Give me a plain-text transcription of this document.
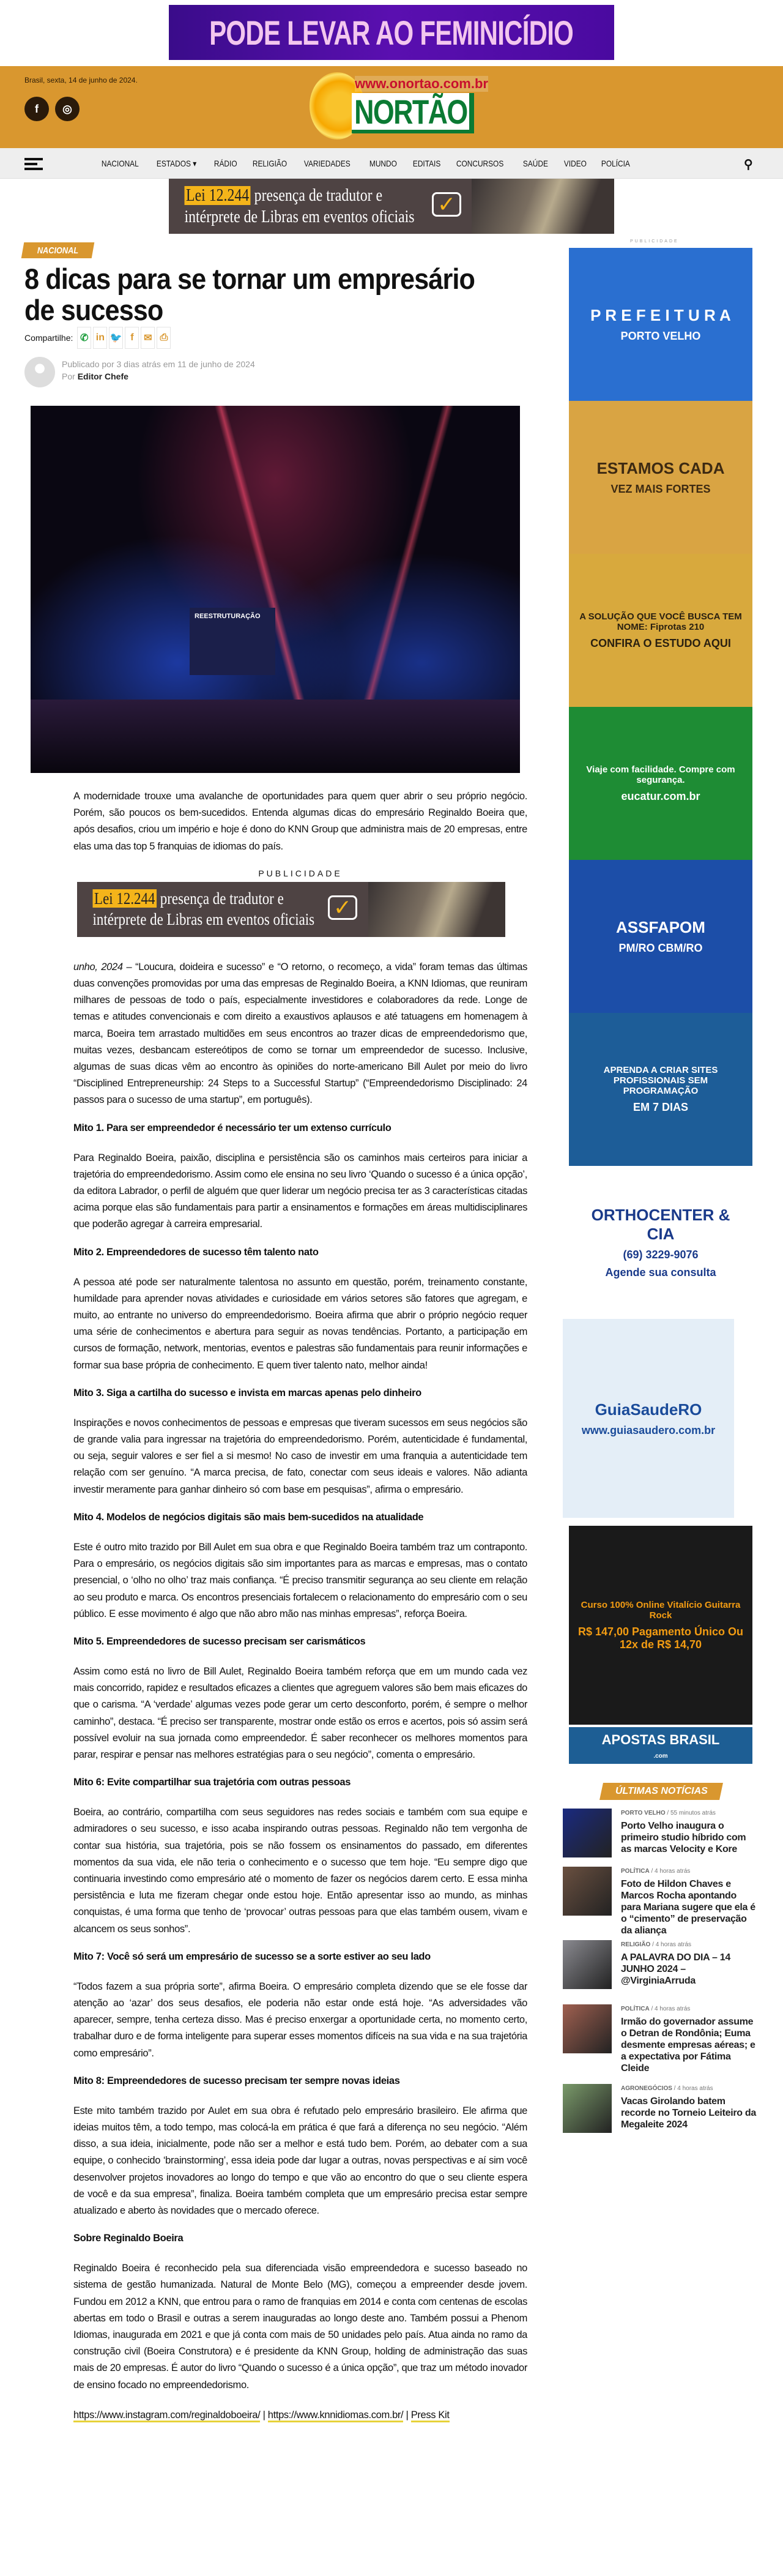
PODE LEVAR AO FEMINICÍDIO
Brasil, sexta, 14 de junho de 2024.
f	◎	NORTÃO
www.onortao.com.br
NACIONAL	ESTADOS ▾	RÁDIO	RELIGIÃO	VARIEDADES	MUNDO	EDITAIS	CONCURSOS	SAÚDE	VIDEO	POLÍCIA	⚲
Lei 12.244 presença de tradutor e
intérprete de Libras em eventos oficiais
✓
NACIONAL
8 dicas para se tornar um empresário de sucesso
Compartilhe: ✆ in 🐦 f	✉ ⎙
Publicado por 3 dias atrás em 11 de junho de 2024
Por Editor Chefe
REESTRUTURAÇÃO

A modernidade trouxe uma avalanche de oportunidades para quem quer abrir o seu próprio negócio. Porém, são poucos os bem-sucedidos. Entenda algumas dicas do empresário Reginaldo Boeira que, após desafios, criou um império e hoje é dono do KNN Group que administra mais de 20 empresas, entre elas uma das top 5 franquias de idiomas do país.

PUBLICIDADE
Lei 12.244 presença de tradutor e
intérprete de Libras em eventos oficiais ✓

unho, 2024 – “Loucura, doideira e sucesso” e “O retorno, o recomeço, a vida” foram temas das últimas duas convenções promovidas por uma das empresas de Reginaldo Boeira, a KNN Idiomas, que reuniram milhares de pessoas de todo o país, especialmente investidores e colaboradores da rede. Longe de temas e atitudes convencionais e com direito a exaustivos aplausos e até tatuagens em homenagem à marca, Boeira tem arrastado multidões em seus encontros ao trazer dicas de empreendedorismo que, muitas vezes, desbancam estereótipos de como se tornar um empreendedor de sucesso. Inclusive, algumas de suas dicas vêm ao encontro às opiniões do norte-americano Bill Aulet por meio do livro “Disciplined Entrepreneurship: 24 Steps to a Successful Startup” (“Empreendedorismo Disciplinado: 24 passos para o sucesso de uma startup”, em português).

Mito 1. Para ser empreendedor é necessário ter um extenso currículo

Para Reginaldo Boeira, paixão, disciplina e persistência são os caminhos mais certeiros para iniciar a trajetória do empreendedorismo. Assim como ele ensina no seu livro ‘Quando o sucesso é a única opção’, da editora Labrador, o perfil de alguém que quer liderar um negócio precisa ter as 3 características citadas acima porque elas são fundamentais para partir a ensinamentos e formações em áreas multidisciplinares que poderão agregar à carreira empresarial.

Mito 2. Empreendedores de sucesso têm talento nato

A pessoa até pode ser naturalmente talentosa no assunto em questão, porém, treinamento constante, humildade para aprender novas atividades e curiosidade em vários setores são fatores que agregam, e muito, ao entrante no universo do empreendedorismo. Boeira afirma que abrir o próprio negócio requer uma série de conhecimentos e abertura para seguir as novas tendências. Portanto, a participação em cursos de formação, network, mentorias, eventos e palestras são fundamentais para reunir informações e formar sua base própria de conhecimento. E quem tiver talento nato, melhor ainda!

Mito 3. Siga a cartilha do sucesso e invista em marcas apenas pelo dinheiro

Inspirações e novos conhecimentos de pessoas e empresas que tiveram sucessos em seus negócios são de grande valia para ingressar na trajetória do empreendedorismo. Porém, autenticidade é fundamental, ou seja, seguir valores e ser fiel a si mesmo! No caso de investir em uma franquia a autenticidade tem relação com ser genuíno. “A marca precisa, de fato, conectar com seus ideais e valores. Não adianta investir meramente para ganhar dinheiro só com base em pesquisas”, afirma o empresário.

Mito 4. Modelos de negócios digitais são mais bem-sucedidos na atualidade

Este é outro mito trazido por Bill Aulet em sua obra e que Reginaldo Boeira também traz um contraponto. Para o empresário, os negócios digitais são sim importantes para as marcas e empresas, mas o contato presencial, o ‘olho no olho’ traz mais confiança. “É preciso transmitir segurança ao seu cliente em relação ao seu produto e marca. Os encontros presenciais fortalecem o relacionamento do empresário com o seu público. E esse movimento é algo que não abro mão nas minhas empresas”, reforça Boeira.

Mito 5. Empreendedores de sucesso precisam ser carismáticos

Assim como está no livro de Bill Aulet, Reginaldo Boeira também reforça que em um mundo cada vez mais concorrido, rapidez e resultados eficazes a clientes que agreguem valores são bem mais eficazes do que o carisma. “A ‘verdade’ algumas vezes pode gerar um certo desconforto, porém, é sempre o melhor caminho”, destaca. “É preciso ser transparente, mostrar onde estão os erros e acertos, pois só assim será possível evoluir na sua jornada como empreendedor. É saber reconhecer os melhores momentos para parar, respirar e pensar nas melhores estratégias para o seu negócio”, comenta o empresário.

Mito 6: Evite compartilhar sua trajetória com outras pessoas

Boeira, ao contrário, compartilha com seus seguidores nas redes sociais e também com sua equipe e admiradores o seu sucesso, e isso acaba inspirando outras pessoas. Reginaldo não tem vergonha de contar sua história, sua trajetória, pois se não fossem os ensinamentos do passado, em diferentes momentos da sua vida, ele não teria o conhecimento e o sucesso que tem hoje. “Eu sempre digo que continuaria investindo como empresário até o momento de fazer os negócios darem certo. E essa minha persistência e luta me fizeram chegar onde estou hoje. Então apresentar isso ao mundo, as minhas conquistas, é uma forma que tenho de ‘provocar’ outras pessoas para que elas também ousem, vivam e alcancem os seus sonhos”.

Mito 7: Você só será um empresário de sucesso se a sorte estiver ao seu lado

“Todos fazem a sua própria sorte”, afirma Boeira. O empresário completa dizendo que se ele fosse dar atenção ao ‘azar’ dos seus desafios, ele poderia não estar onde está hoje. “As adversidades vão aparecer, sempre, tenha certeza disso. Mas é preciso enxergar a oportunidade certa, no momento certo, trabalhar duro e de forma inteligente para superar esses momentos difíceis na sua vida e na sua trajetória como empresário”.

Mito 8: Empreendedores de sucesso precisam ter sempre novas ideias

Este mito também trazido por Aulet em sua obra é refutado pelo empresário brasileiro. Ele afirma que ideias muitos têm, a todo tempo, mas colocá-la em prática é que fará a diferença no seu negócio. “Além disso, a sua ideia, inicialmente, pode não ser a melhor e está tudo bem. Porém, ao debater com a sua equipe, o conhecido ‘brainstorming’, essa ideia pode dar lugar a outras, novas perspectivas e aí sim você desenvolver projetos inovadores ao longo do tempo e que vão ao encontro do que o seu cliente espera de você e da sua empresa”, finaliza. Boeira também completa que um empresário precisa estar sempre atualizado e aberto às novidades que o mercado oferece.

Sobre Reginaldo Boeira

Reginaldo Boeira é reconhecido pela sua diferenciada visão empreendedora e sucesso baseado no sistema de gestão humanizada. Natural de Monte Belo (MG), começou a empreender desde jovem. Fundou em 2012 a KNN, que entrou para o ramo de franquias em 2014 e conta com centenas de escolas abertas em todo o Brasil e outras a serem inauguradas ao longo deste ano. Também possui a Phenom Idiomas, inaugurada em 2021 e que já conta com mais de 50 unidades pelo país. Atua ainda no ramo da construção civil (Boeira Construtora) e é presidente da KNN Group, holding de administração das suas mais de 20 empresas. É autor do livro “Quando o sucesso é a única opção”, que traz um método inovador de ensino focado no empreendedorismo.

https://www.instagram.com/reginaldoboeira/ | https://www.knnidiomas.com.br/ | Press Kit

PUBLICIDADE
P R E F E I T U R A
PORTO VELHO
ESTAMOS CADA
VEZ MAIS FORTES
A SOLUÇÃO QUE VOCÊ BUSCA TEM NOME: Fiprotas 210
CONFIRA O ESTUDO AQUI
Viaje com facilidade. Compre com segurança.
eucatur.com.br
ASSFAPOM
PM/RO CBM/RO
APRENDA A CRIAR SITES PROFISSIONAIS SEM PROGRAMAÇÃO
EM 7 DIAS
ORTHOCENTER & CIA
(69) 3229-9076
Agende sua consulta
GuiaSaudeRO
www.guiasaudero.com.br
Curso 100% Online Vitalício Guitarra Rock
R$ 147,00 Pagamento Único Ou 12x de R$ 14,70
APOSTAS BRASIL
.com
ÚLTIMAS NOTÍCIAS
PORTO VELHO / 55 minutos atrás
Porto Velho inaugura o primeiro studio híbrido com as marcas Velocity e Kore
POLÍTICA / 4 horas atrás
Foto de Hildon Chaves e Marcos Rocha apontando para Mariana sugere que ela é o “cimento” de preservação da aliança
RELIGIÃO / 4 horas atrás
A PALAVRA DO DIA – 14 JUNHO 2024 – @VirginiaArruda
POLÍTICA / 4 horas atrás
Irmão do governador assume o Detran de Rondônia; Euma desmente empresas aéreas; e a expectativa por Fátima Cleide
AGRONEGÓCIOS / 4 horas atrás
Vacas Girolando batem recorde no Torneio Leiteiro da Megaleite 2024
